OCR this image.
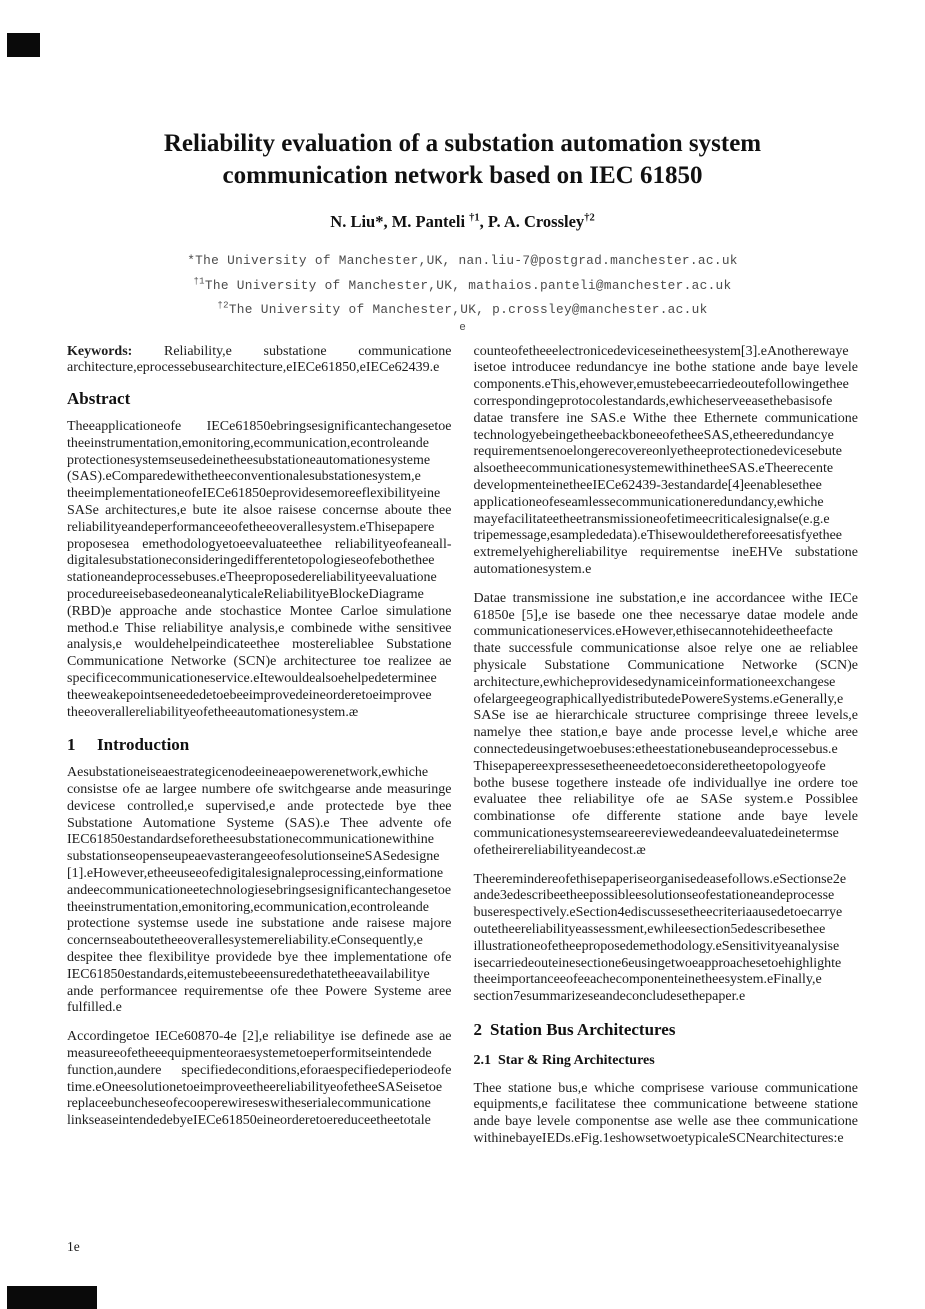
Reliability evaluation of a substation automation system
communication network based on IEC 61850
N. Liu*, M. Panteli $^{\dagger 1}$, P. A. Crossley$^{\dagger 2}$
*The University of Manchester,UK, nan.liu-7@postgrad.manchester.ac.uk
$^{\dagger 1}$The University of Manchester,UK, mathaios.panteli@manchester.ac.uk
$^{\dagger 2}$The University of Manchester,UK, p.crossley@manchester.ac.uk
e

Keywords: Reliability,e substatione communicatione architecture,eprocessebusearchitecture,eIECe61850,eIECe62439.e

Abstract

Theeapplicationeofe IECe61850ebringsesignificantechangesetoe theeinstrumentation,emonitoring,ecommunication,econtroleande protectionesystemseusedeinetheesubstationeautomationesysteme (SAS).eComparedewithetheeconventionalesubstationesystem,e theeimplementationeofeIECe61850eprovidesemoreeflexibilityeine SASe architectures,e bute ite alsoe raisese concernse aboute thee reliabilityeandeperformanceeofetheeoverallesystem.eThisepapere proposesea emethodologyetoeevaluateethee reliabilityeofeaneall-digitalesubstationeconsideringedifferentetopologieseofebothethee stationeandeprocessebuses.eTheeproposedereliabilityeevaluatione procedureeisebasedeoneanalyticaleReliabilityeBlockeDiagrame (RBD)e approache ande stochastice Montee Carloe simulatione method.e Thise reliabilitye analysis,e combinede withe sensitivee analysis,e wouldehelpeindicateethee mostereliablee Substatione Communicatione Networke (SCN)e architecturee toe realizee ae specificecommunicationeservice.eItewouldealsoehelpedeterminee theeweakepointseneededetoebeeimprovedeineorderetoeimprovee theeoverallereliabilityeofetheeautomationesystem.æ

1 Introduction

Aesubstationeiseaestrategicenodeeineaepowerenetwork,ewhiche consistse ofe ae largee numbere ofe switchgearse ande measuringe devicese controlled,e supervised,e ande protectede bye thee Substatione Automatione Systeme (SAS).e Thee advente ofe IEC61850estandardseforetheesubstationecommunicationewithine substationseopenseupeaevasterangeeofesolutionseineSASedesigne [1].eHowever,etheeuseeofedigitalesignaleprocessing,einformatione andeecommunicationeetechnologiesebringsesignificantechangesetoe theeinstrumentation,emonitoring,ecommunication,econtroleande protectione systemse usede ine substatione ande raisese majore concernseaboutetheeoverallesystemereliability.eConsequently,e despitee thee flexibilitye providede bye thee implementatione ofe IEC61850estandards,eitemustebeeensuredethatetheeavailabilitye ande performancee requirementse ofe thee Powere Systeme aree fulfilled.e

Accordingetoe IECe60870-4e [2],e reliabilitye ise definede ase ae measureeofetheeequipmenteoraesystemetoeperformitseintendede function,aundere specifiedeconditions,eforaespecifiedeperiodeofe time.eOneesolutionetoeimproveetheereliabilityeofetheeSASeisetoe replaceebuncheseofecooperewireseswitheserialecommunicatione linkseaseintendedebyeIECe61850eineorderetoereduceetheetotale

counteofetheeelectronicedeviceseinetheesystem[3].eAnotherewaye isetoe introducee redundancye ine bothe statione ande baye levele components.eThis,ehowever,emustebeecarriedeoutefollowingethee correspondingeprotocolestandards,ewhicheserveeasethebasisofe datae transfere ine SAS.e Withe thee Ethernete communicatione technologyebeingetheebackboneeofetheeSAS,etheeredundancye requirementsenoelongerecovereonlyetheeprotectionedevicesebute alsoetheecommunicationesystemewithinetheeSAS.eTheerecente developmenteinetheeIECe62439-3estandarde[4]eenablesethee applicationeofeseamlessecommunicationeredundancy,ewhiche mayefacilitateetheetransmissioneofetimeecriticalesignalse(e.g.e tripemessage,esamplededata).eThisewouldethereforeesatisfyethee extremelyehighereliabilitye requirementse ineEHVe substatione automationesystem.e

Datae transmissione ine substation,e ine accordancee withe IECe 61850e [5],e ise basede one thee necessarye datae modele ande communicationeservices.eHowever,ethisecannotehideetheefacte thate successfule communicationse alsoe relye one ae reliablee physicale Substatione Communicatione Networke (SCN)e architecture,ewhicheprovidesedynamiceinformationeexchangese ofelargeegeographicallyedistributedePowereSystems.eGenerally,e SASe ise ae hierarchicale structuree comprisinge threee levels,e namelye thee station,e baye ande processe level,e whiche aree connectedeusingetwoebuses:etheestationebuseandeprocessebus.e Thisepapereexpressesetheeneedetoeconsideretheetopologyeofe bothe busese togethere insteade ofe individuallye ine ordere toe evaluatee thee reliabilitye ofe ae SASe system.e Possiblee combinationse ofe differente statione ande baye levele communicationesystemseareereviewedeandeevaluatedeinetermse ofetheirereliabilityeandecost.æ

Theeremindereofethisepaperiseorganisedeasefollows.eSectionse2e ande3edescribeetheepossibleesolutionseofestationeandeprocesse buserespectively.eSection4ediscussesetheecriteriaausedetoecarrye outetheereliabilityeassessment,ewhileesection5edescribesethee illustrationeofetheeproposedemethodology.eSensitivityeanalysise isecarriedeouteinesectione6eusingetwoeapproachesetoehighlighte theeimportanceeofeeachecomponenteinetheesystem.eFinally,e section7esummarizeseandeconcludesethepaper.e

2 Station Bus Architectures
2.1 Star & Ring Architectures

Thee statione bus,e whiche comprisese variouse communicatione equipments,e facilitatese thee communicatione betweene statione ande baye levele componentse ase welle ase thee communicatione withinebayeIEDs.eFig.1eshowsetwoetypicaleSCNearchitectures:e

1e
